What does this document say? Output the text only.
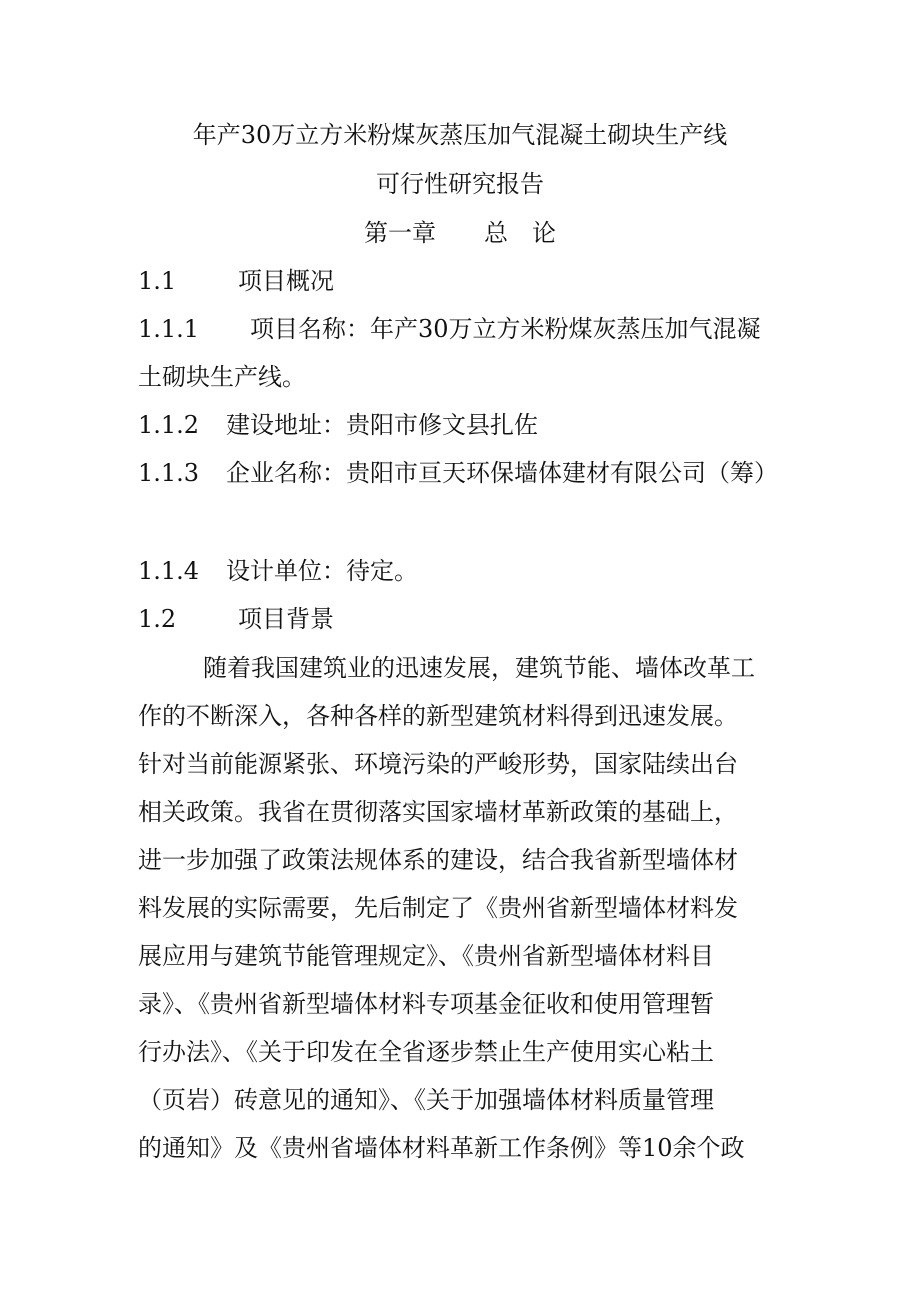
年产30万立方米粉煤灰蒸压加气混凝土砌块生产线
可行性研究报告
第一章　　总　论
1.1	项目概况
1.1.1 项目名称：年产30万立方米粉煤灰蒸压加气混凝
土砌块生产线。
1.1.2 建设地址：贵阳市修文县扎佐
1.1.3 企业名称：贵阳市亘天环保墙体建材有限公司（筹）
1.1.4 设计单位：待定。
1.2	项目背景
随着我国建筑业的迅速发展，建筑节能、墙体改革工
作的不断深入，各种各样的新型建筑材料得到迅速发展。
针对当前能源紧张、环境污染的严峻形势，国家陆续出台
相关政策。我省在贯彻落实国家墙材革新政策的基础上，
进一步加强了政策法规体系的建设，结合我省新型墙体材
料发展的实际需要，先后制定了《贵州省新型墙体材料发
展应用与建筑节能管理规定》、《贵州省新型墙体材料目
录》、《贵州省新型墙体材料专项基金征收和使用管理暂
行办法》、《关于印发在全省逐步禁止生产使用实心粘土
（页岩）砖意见的通知》、《关于加强墙体材料质量管理
的通知》及《贵州省墙体材料革新工作条例》等10余个政
